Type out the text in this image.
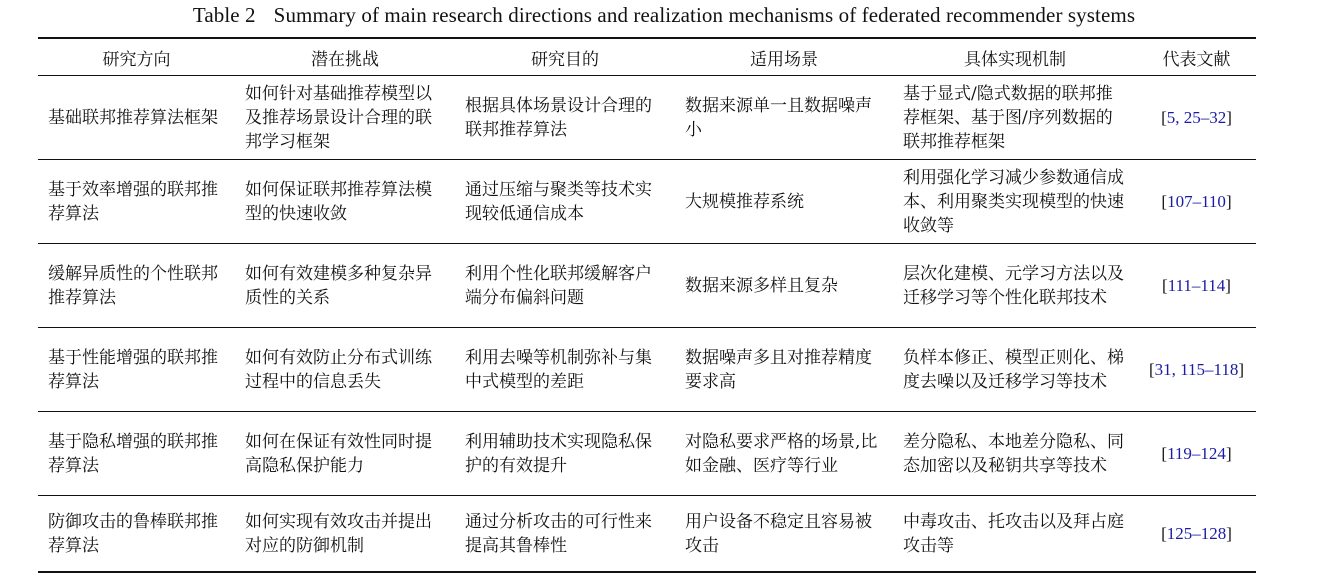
Table 2 Summary of main research directions and realization mechanisms of federated recommender systems
研究方向	潜在挑战	研究目的	适用场景	具体实现机制	代表文献
基础联邦推荐算法框架	如何针对基础推荐模型以及推荐场景设计合理的联邦学习框架	根据具体场景设计合理的联邦推荐算法	数据来源单一且数据噪声小	基于显式/隐式数据的联邦推荐框架、基于图/序列数据的联邦推荐框架	[5, 25–32]
基于效率增强的联邦推荐算法	如何保证联邦推荐算法模型的快速收敛	通过压缩与聚类等技术实现较低通信成本	大规模推荐系统	利用强化学习减少参数通信成本、利用聚类实现模型的快速收敛等	[107–110]
缓解异质性的个性联邦推荐算法	如何有效建模多种复杂异质性的关系	利用个性化联邦缓解客户端分布偏斜问题	数据来源多样且复杂	层次化建模、元学习方法以及迁移学习等个性化联邦技术	[111–114]
基于性能增强的联邦推荐算法	如何有效防止分布式训练过程中的信息丢失	利用去噪等机制弥补与集中式模型的差距	数据噪声多且对推荐精度要求高	负样本修正、模型正则化、梯度去噪以及迁移学习等技术	[31, 115–118]
基于隐私增强的联邦推荐算法	如何在保证有效性同时提高隐私保护能力	利用辅助技术实现隐私保护的有效提升	对隐私要求严格的场景,比如金融、医疗等行业	差分隐私、本地差分隐私、同态加密以及秘钥共享等技术	[119–124]
防御攻击的鲁棒联邦推荐算法	如何实现有效攻击并提出对应的防御机制	通过分析攻击的可行性来提高其鲁棒性	用户设备不稳定且容易被攻击	中毒攻击、托攻击以及拜占庭攻击等	[125–128]
